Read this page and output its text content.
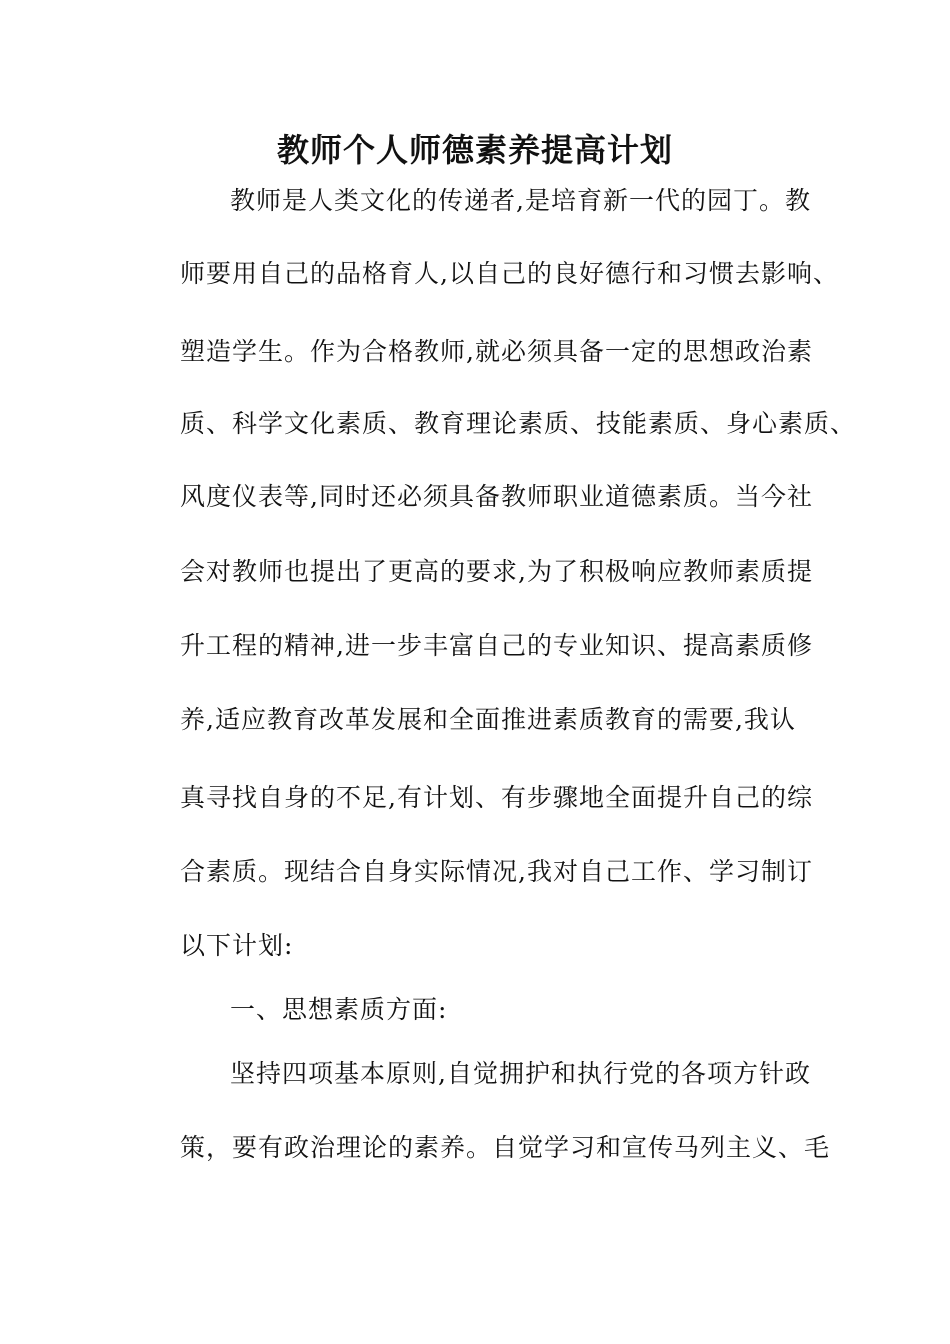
教师个人师德素养提高计划
教师是人类文化的传递者,是培育新一代的园丁。教
师要用自己的品格育人,以自己的良好德行和习惯去影响、
塑造学生。作为合格教师,就必须具备一定的思想政治素
质、科学文化素质、教育理论素质、技能素质、身心素质、
风度仪表等,同时还必须具备教师职业道德素质。当今社
会对教师也提出了更高的要求,为了积极响应教师素质提
升工程的精神,进一步丰富自己的专业知识、提高素质修
养,适应教育改革发展和全面推进素质教育的需要,我认
真寻找自身的不足,有计划、有步骤地全面提升自己的综
合素质。现结合自身实际情况,我对自己工作、学习制订
以下计划:
一、思想素质方面:
坚持四项基本原则,自觉拥护和执行党的各项方针政
策，要有政治理论的素养。自觉学习和宣传马列主义、毛
